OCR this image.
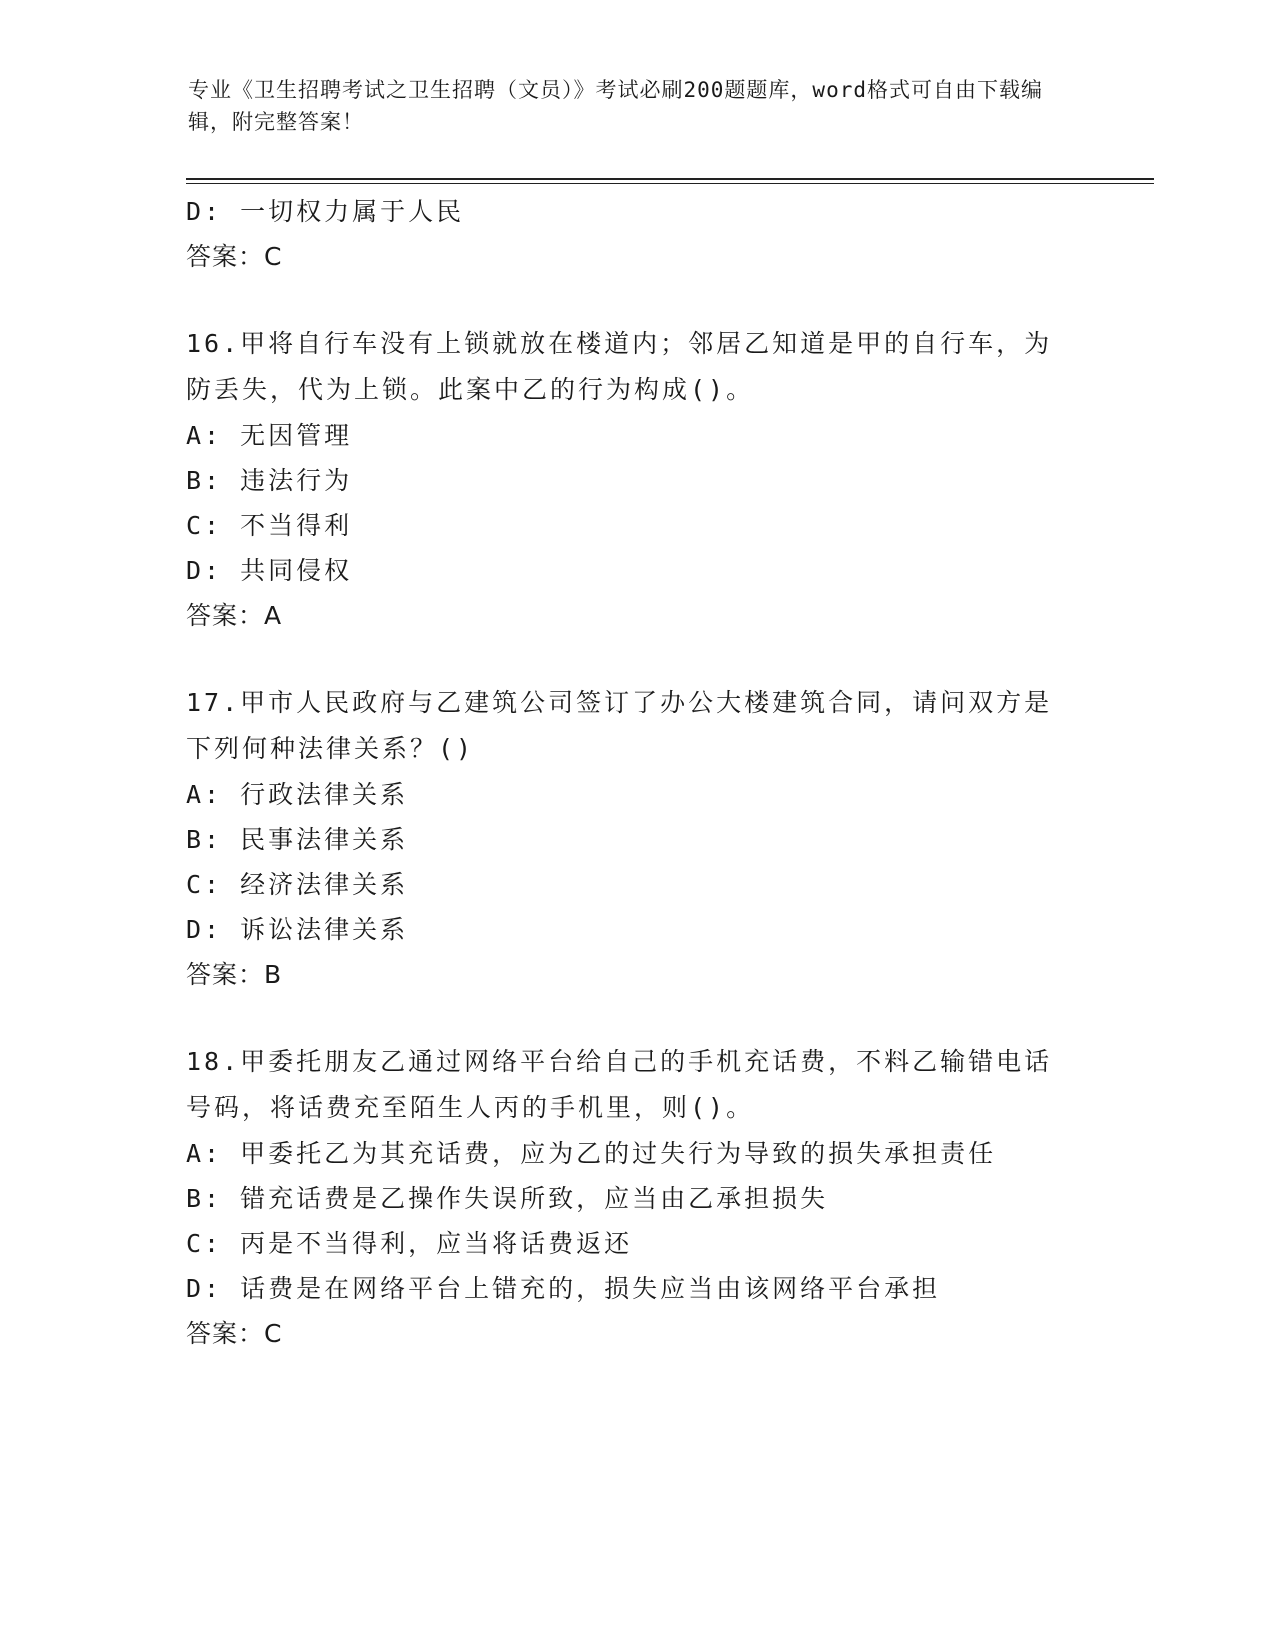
专业《卫生招聘考试之卫生招聘（文员）》考试必刷200题题库，word格式可自由下载编辑，附完整答案！
D: 一切权力属于人民
答案：C
16.甲将自行车没有上锁就放在楼道内；邻居乙知道是甲的自行车，为
防丢失，代为上锁。此案中乙的行为构成()。
A: 无因管理
B: 违法行为
C: 不当得利
D: 共同侵权
答案：A
17.甲市人民政府与乙建筑公司签订了办公大楼建筑合同，请问双方是
下列何种法律关系？()
A: 行政法律关系
B: 民事法律关系
C: 经济法律关系
D: 诉讼法律关系
答案：B
18.甲委托朋友乙通过网络平台给自己的手机充话费，不料乙输错电话
号码，将话费充至陌生人丙的手机里，则()。
A: 甲委托乙为其充话费，应为乙的过失行为导致的损失承担责任
B: 错充话费是乙操作失误所致，应当由乙承担损失
C: 丙是不当得利，应当将话费返还
D: 话费是在网络平台上错充的，损失应当由该网络平台承担
答案：C
